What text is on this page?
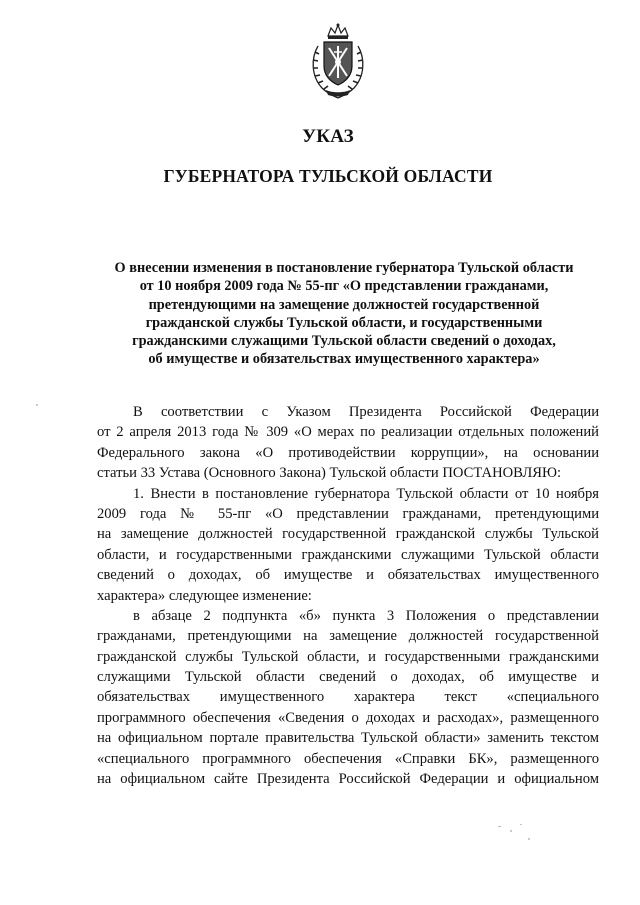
УКАЗ
ГУБЕРНАТОРА ТУЛЬСКОЙ ОБЛАСТИ
О внесении изменения в постановление губернатора Тульской области
от 10 ноября 2009 года № 55-пг «О представлении гражданами,
претендующими на замещение должностей государственной
гражданской службы Тульской области, и государственными
гражданскими служащими Тульской области сведений о доходах,
об имуществе и обязательствах имущественного характера»
В соответствии с Указом Президента Российской Федерации
от 2 апреля 2013 года № 309 «О мерах по реализации отдельных положений
Федерального закона «О противодействии коррупции», на основании
статьи 33 Устава (Основного Закона) Тульской области ПОСТАНОВЛЯЮ:
1. Внести в постановление губернатора Тульской области от 10 ноября
2009 года № 55-пг «О представлении гражданами, претендующими
на замещение должностей государственной гражданской службы Тульской
области, и государственными гражданскими служащими Тульской области
сведений о доходах, об имуществе и обязательствах имущественного
характера» следующее изменение:
в абзаце 2 подпункта «б» пункта 3 Положения о представлении
гражданами, претендующими на замещение должностей государственной
гражданской службы Тульской области, и государственными гражданскими
служащими Тульской области сведений о доходах, об имуществе и
обязательствах имущественного характера текст «специального
программного обеспечения «Сведения о доходах и расходах», размещенного
на официальном портале правительства Тульской области» заменить текстом
«специального программного обеспечения «Справки БК», размещенного
на официальном сайте Президента Российской Федерации и официальном
